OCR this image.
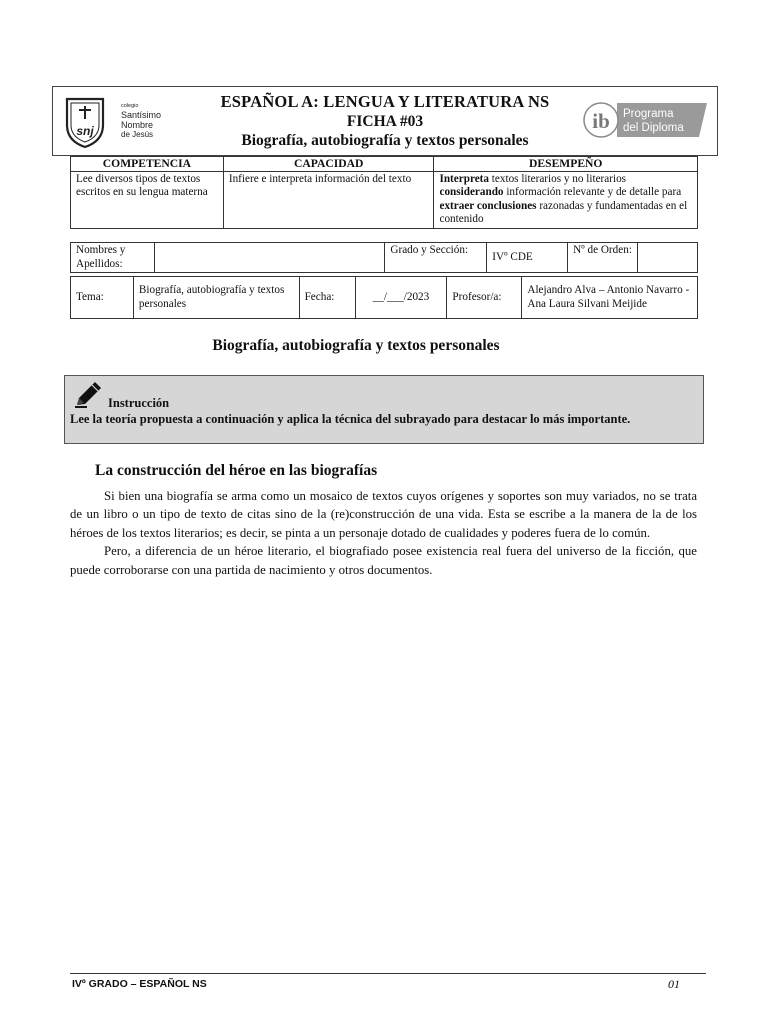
snj
colegio
Santísimo
Nombre
de Jesús
ESPAÑOL A: LENGUA Y LITERATURA NS
FICHA #03
Biografía, autobiografía y textos personales
ib Programa
del Diploma
COMPETENCIA	CAPACIDAD	DESEMPEÑO
Lee diversos tipos de textos escritos en su lengua materna	Infiere e interpreta información del texto	Interpreta textos literarios y no literarios considerando información relevante y de detalle para extraer conclusiones razonadas y fundamentadas en el contenido
Nombres y Apellidos:		Grado y Sección:	IVº CDE	Nº de Orden:	
Tema:	Biografía, autobiografía y textos personales	Fecha:	__/___/2023	Profesor/a:	Alejandro Alva – Antonio Navarro - Ana Laura Silvani Meijide
Biografía, autobiografía y textos personales
Instrucción
Lee la teoría propuesta a continuación y aplica la técnica del subrayado para destacar lo más importante.
La construcción del héroe en las biografías

Si bien una biografía se arma como un mosaico de textos cuyos orígenes y soportes son muy variados, no se trata de un libro o un tipo de texto de citas sino de la (re)construcción de una vida. Esta se escribe a la manera de la de los héroes de los textos literarios; es decir, se pinta a un personaje dotado de cualidades y poderes fuera de lo común.

Pero, a diferencia de un héroe literario, el biografiado posee existencia real fuera del universo de la ficción, que puede corroborarse con una partida de nacimiento y otros documentos.

IVº GRADO – ESPAÑOL NS	01
